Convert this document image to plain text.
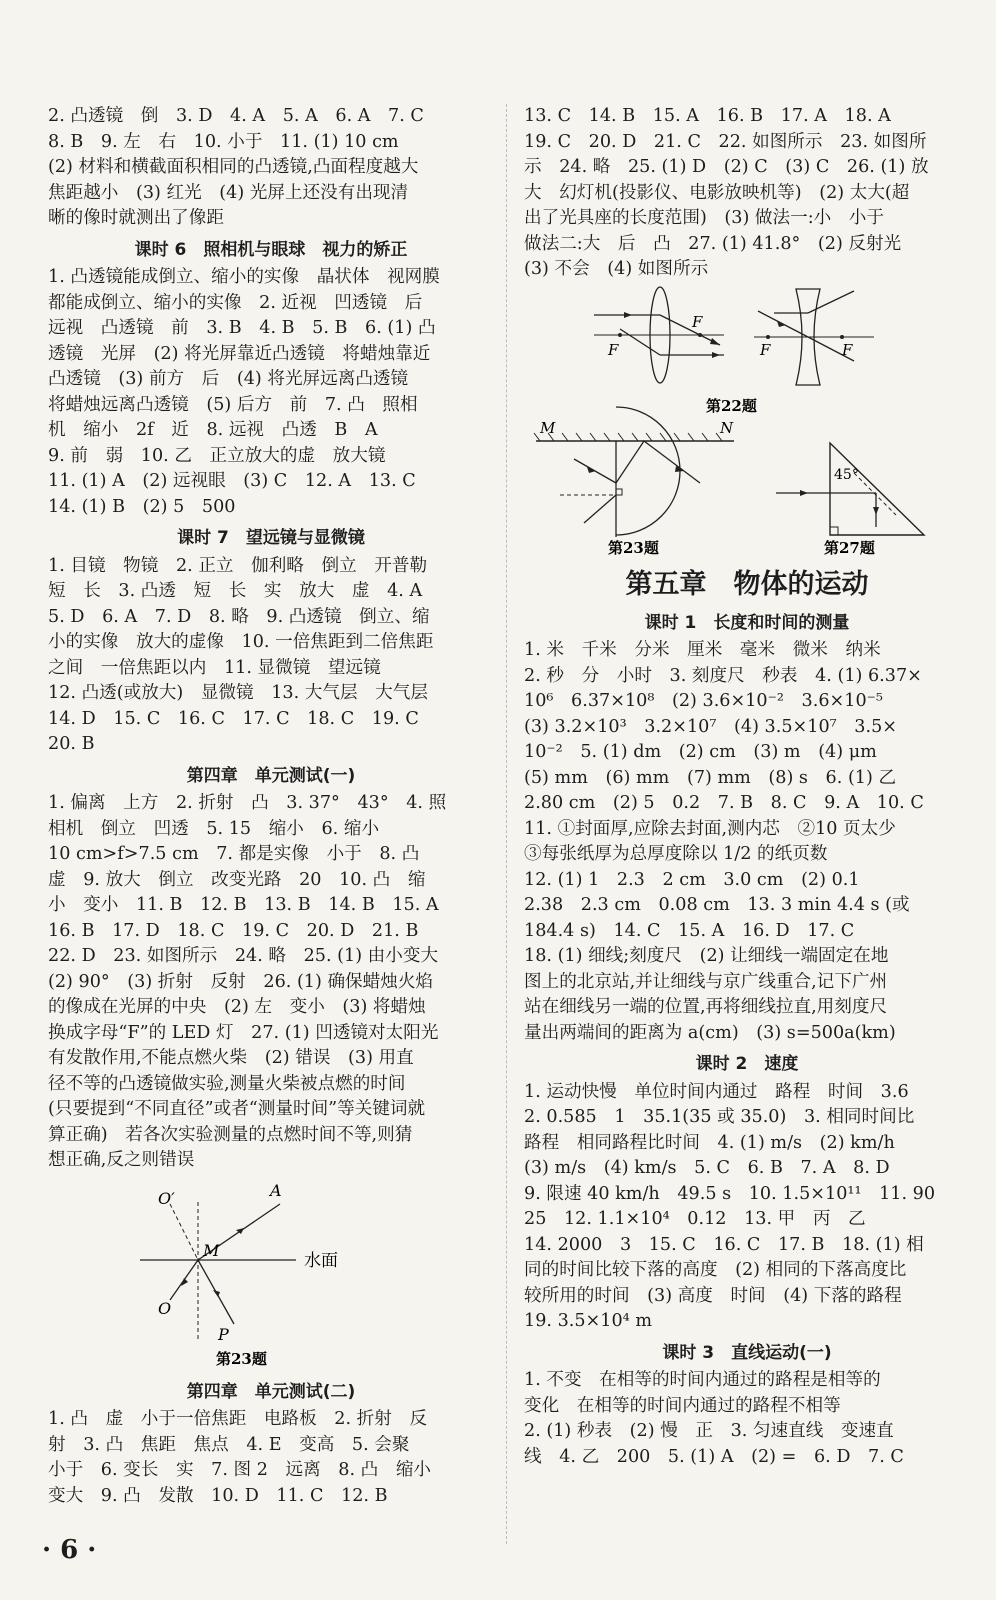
2. 凸透镜　倒　3. D　4. A　5. A　6. A　7. C
8. B　9. 左　右　10. 小于　11. (1) 10 cm
(2) 材料和横截面积相同的凸透镜,凸面程度越大
焦距越小　(3) 红光　(4) 光屏上还没有出现清
晰的像时就测出了像距
课时 6　照相机与眼球　视力的矫正
1. 凸透镜能成倒立、缩小的实像　晶状体　视网膜
都能成倒立、缩小的实像　2. 近视　凹透镜　后
远视　凸透镜　前　3. B　4. B　5. B　6. (1) 凸
透镜　光屏　(2) 将光屏靠近凸透镜　将蜡烛靠近
凸透镜　(3) 前方　后　(4) 将光屏远离凸透镜
将蜡烛远离凸透镜　(5) 后方　前　7. 凸　照相
机　缩小　2f　近　8. 远视　凸透　B　A
9. 前　弱　10. 乙　正立放大的虚　放大镜
11. (1) A　(2) 远视眼　(3) C　12. A　13. C
14. (1) B　(2) 5　500
课时 7　望远镜与显微镜
1. 目镜　物镜　2. 正立　伽利略　倒立　开普勒
短　长　3. 凸透　短　长　实　放大　虚　4. A
5. D　6. A　7. D　8. 略　9. 凸透镜　倒立、缩
小的实像　放大的虚像　10. 一倍焦距到二倍焦距
之间　一倍焦距以内　11. 显微镜　望远镜
12. 凸透(或放大)　显微镜　13. 大气层　大气层
14. D　15. C　16. C　17. C　18. C　19. C
20. B
第四章　单元测试(一)
1. 偏离　上方　2. 折射　凸　3. 37°　43°　4. 照
相机　倒立　凹透　5. 15　缩小　6. 缩小
10 cm>f>7.5 cm　7. 都是实像　小于　8. 凸
虚　9. 放大　倒立　改变光路　20　10. 凸　缩
小　变小　11. B　12. B　13. B　14. B　15. A
16. B　17. D　18. C　19. C　20. D　21. B
22. D　23. 如图所示　24. 略　25. (1) 由小变大
(2) 90°　(3) 折射　反射　26. (1) 确保蜡烛火焰
的像成在光屏的中央　(2) 左　变小　(3) 将蜡烛
换成字母“F”的 LED 灯　27. (1) 凹透镜对太阳光
有发散作用,不能点燃火柴　(2) 错误　(3) 用直
径不等的凸透镜做实验,测量火柴被点燃的时间
(只要提到“不同直径”或者“测量时间”等关键词就
算正确)　若各次实验测量的点燃时间不等,则猜
想正确,反之则错误
O′	A
M
O
P
水面
第23题
第四章　单元测试(二)
1. 凸　虚　小于一倍焦距　电路板　2. 折射　反
射　3. 凸　焦距　焦点　4. E　变高　5. 会聚
小于　6. 变长　实　7. 图 2　远离　8. 凸　缩小
变大　9. 凸　发散　10. D　11. C　12. B
13. C　14. B　15. A　16. B　17. A　18. A
19. C　20. D　21. C　22. 如图所示　23. 如图所
示　24. 略　25. (1) D　(2) C　(3) C　26. (1) 放
大　幻灯机(投影仪、电影放映机等)　(2) 太大(超
出了光具座的长度范围)　(3) 做法一:小　小于
做法二:大　后　凸　27. (1) 41.8°　(2) 反射光
(3) 不会　(4) 如图所示
F
F	F	F
第22题
M	N
第23题
45°
第27题
第五章　物体的运动
课时 1　长度和时间的测量
1. 米　千米　分米　厘米　毫米　微米　纳米
2. 秒　分　小时　3. 刻度尺　秒表　4. (1) 6.37×
10⁶　6.37×10⁸　(2) 3.6×10⁻²　3.6×10⁻⁵
(3) 3.2×10³　3.2×10⁷　(4) 3.5×10⁷　3.5×
10⁻²　5. (1) dm　(2) cm　(3) m　(4) μm
(5) mm　(6) mm　(7) mm　(8) s　6. (1) 乙
2.80 cm　(2) 5　0.2　7. B　8. C　9. A　10. C
11. ①封面厚,应除去封面,测内芯　②10 页太少
③每张纸厚为总厚度除以 1/2 的纸页数
12. (1) 1　2.3　2 cm　3.0 cm　(2) 0.1
2.38　2.3 cm　0.08 cm　13. 3 min 4.4 s (或
184.4 s)　14. C　15. A　16. D　17. C
18. (1) 细线;刻度尺　(2) 让细线一端固定在地
图上的北京站,并让细线与京广线重合,记下广州
站在细线另一端的位置,再将细线拉直,用刻度尺
量出两端间的距离为 a(cm)　(3) s=500a(km)
课时 2　速度
1. 运动快慢　单位时间内通过　路程　时间　3.6
2. 0.585　1　35.1(35 或 35.0)　3. 相同时间比
路程　相同路程比时间　4. (1) m/s　(2) km/h
(3) m/s　(4) km/s　5. C　6. B　7. A　8. D
9. 限速 40 km/h　49.5 s　10. 1.5×10¹¹　11. 90
25　12. 1.1×10⁴　0.12　13. 甲　丙　乙
14. 2000　3　15. C　16. C　17. B　18. (1) 相
同的时间比较下落的高度　(2) 相同的下落高度比
较所用的时间　(3) 高度　时间　(4) 下落的路程
19. 3.5×10⁴ m
课时 3　直线运动(一)
1. 不变　在相等的时间内通过的路程是相等的
变化　在相等的时间内通过的路程不相等
2. (1) 秒表　(2) 慢　正　3. 匀速直线　变速直
线　4. 乙　200　5. (1) A　(2) =　6. D　7. C
· 6 ·
